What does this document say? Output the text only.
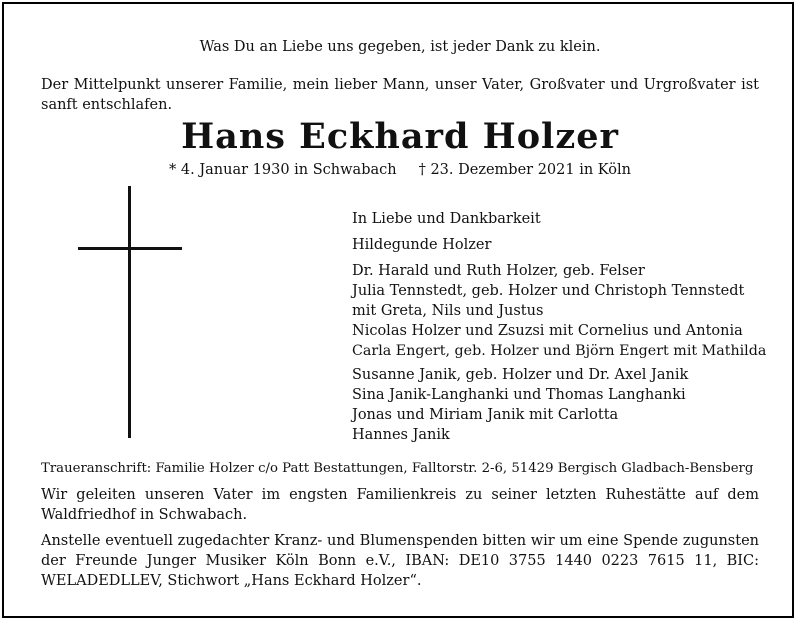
Was Du an Liebe uns gegeben, ist jeder Dank zu klein.

Der Mittelpunkt unserer Familie, mein lieber Mann, unser Vater, Großvater und Urgroßvater ist sanft entschlafen.

Hans Eckhard Holzer

* 4. Januar 1930 in Schwabach † 23. Dezember 2021 in Köln

In Liebe und Dankbarkeit

Hildegunde Holzer

Dr. Harald und Ruth Holzer, geb. Felser

Julia Tennstedt, geb. Holzer und Christoph Tennstedt

mit Greta, Nils und Justus

Nicolas Holzer und Zsuzsi mit Cornelius und Antonia

Carla Engert, geb. Holzer und Björn Engert mit Mathilda

Susanne Janik, geb. Holzer und Dr. Axel Janik

Sina Janik-Langhanki und Thomas Langhanki

Jonas und Miriam Janik mit Carlotta

Hannes Janik

Traueranschrift: Familie Holzer c/o Patt Bestattungen, Falltorstr. 2-6, 51429 Bergisch Gladbach-Bensberg

Wir geleiten unseren Vater im engsten Familienkreis zu seiner letzten Ruhestätte auf dem Waldfriedhof in Schwabach.

Anstelle eventuell zugedachter Kranz- und Blumenspenden bitten wir um eine Spende zugunsten der Freunde Junger Musiker Köln Bonn e.V., IBAN: DE10 3755 1440 0223 7615 11, BIC: WELADEDLLEV, Stichwort „Hans Eckhard Holzer“.
